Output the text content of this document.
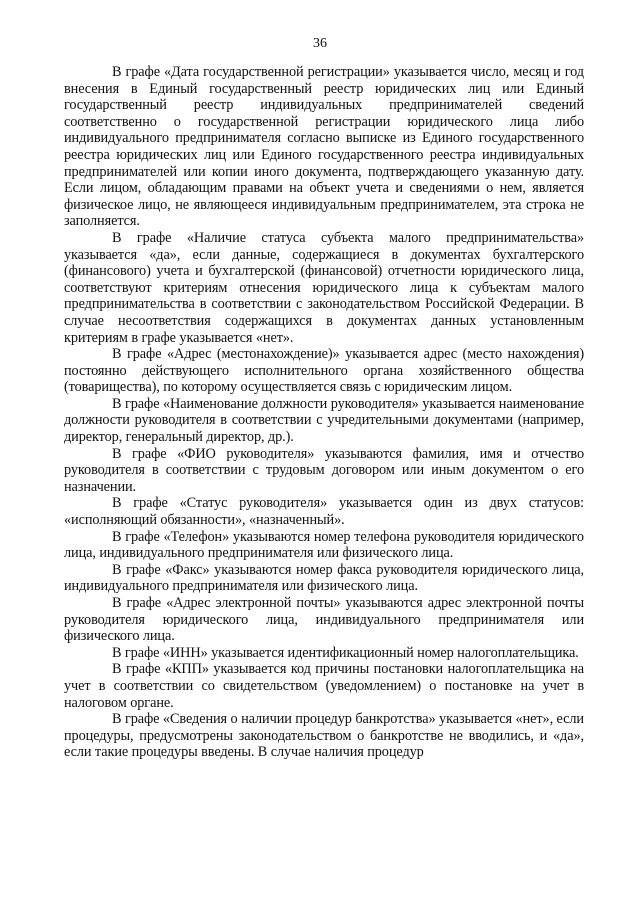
36

В графе «Дата государственной регистрации» указывается число, месяц и год внесения в Единый государственный реестр юридических лиц или Единый государственный реестр индивидуальных предпринимателей сведений соответственно о государственной регистрации юридического лица либо индивидуального предпринимателя согласно выписке из Единого государственного реестра юридических лиц или Единого государственного реестра индивидуальных предпринимателей или копии иного документа, подтверждающего указанную дату. Если лицом, обладающим правами на объект учета и сведениями о нем, является физическое лицо, не являющееся индивидуальным предпринимателем, эта строка не заполняется.

В графе «Наличие статуса субъекта малого предпринимательства» указывается «да», если данные, содержащиеся в документах бухгалтерского (финансового) учета и бухгалтерской (финансовой) отчетности юридического лица, соответствуют критериям отнесения юридического лица к субъектам малого предпринимательства в соответствии с законодательством Российской Федерации. В случае несоответствия содержащихся в документах данных установленным критериям в графе указывается «нет».

В графе «Адрес (местонахождение)» указывается адрес (место нахождения) постоянно действующего исполнительного органа хозяйственного общества (товарищества), по которому осуществляется связь с юридическим лицом.

В графе «Наименование должности руководителя» указывается наименование должности руководителя в соответствии с учредительными документами (например, директор, генеральный директор, др.).

В графе «ФИО руководителя» указываются фамилия, имя и отчество руководителя в соответствии с трудовым договором или иным документом о его назначении.

В графе «Статус руководителя» указывается один из двух статусов: «исполняющий обязанности», «назначенный».

В графе «Телефон» указываются номер телефона руководителя юридического лица, индивидуального предпринимателя или физического лица.

В графе «Факс» указываются номер факса руководителя юридического лица, индивидуального предпринимателя или физического лица.

В графе «Адрес электронной почты» указываются адрес электронной почты руководителя юридического лица, индивидуального предпринимателя или физического лица.

В графе «ИНН» указывается идентификационный номер налогоплательщика.

В графе «КПП» указывается код причины постановки налогоплательщика на учет в соответствии со свидетельством (уведомлением) о постановке на учет в налоговом органе.

В графе «Сведения о наличии процедур банкротства» указывается «нет», если процедуры, предусмотрены законодательством о банкротстве не вводились, и «да», если такие процедуры введены. В случае наличия процедур
